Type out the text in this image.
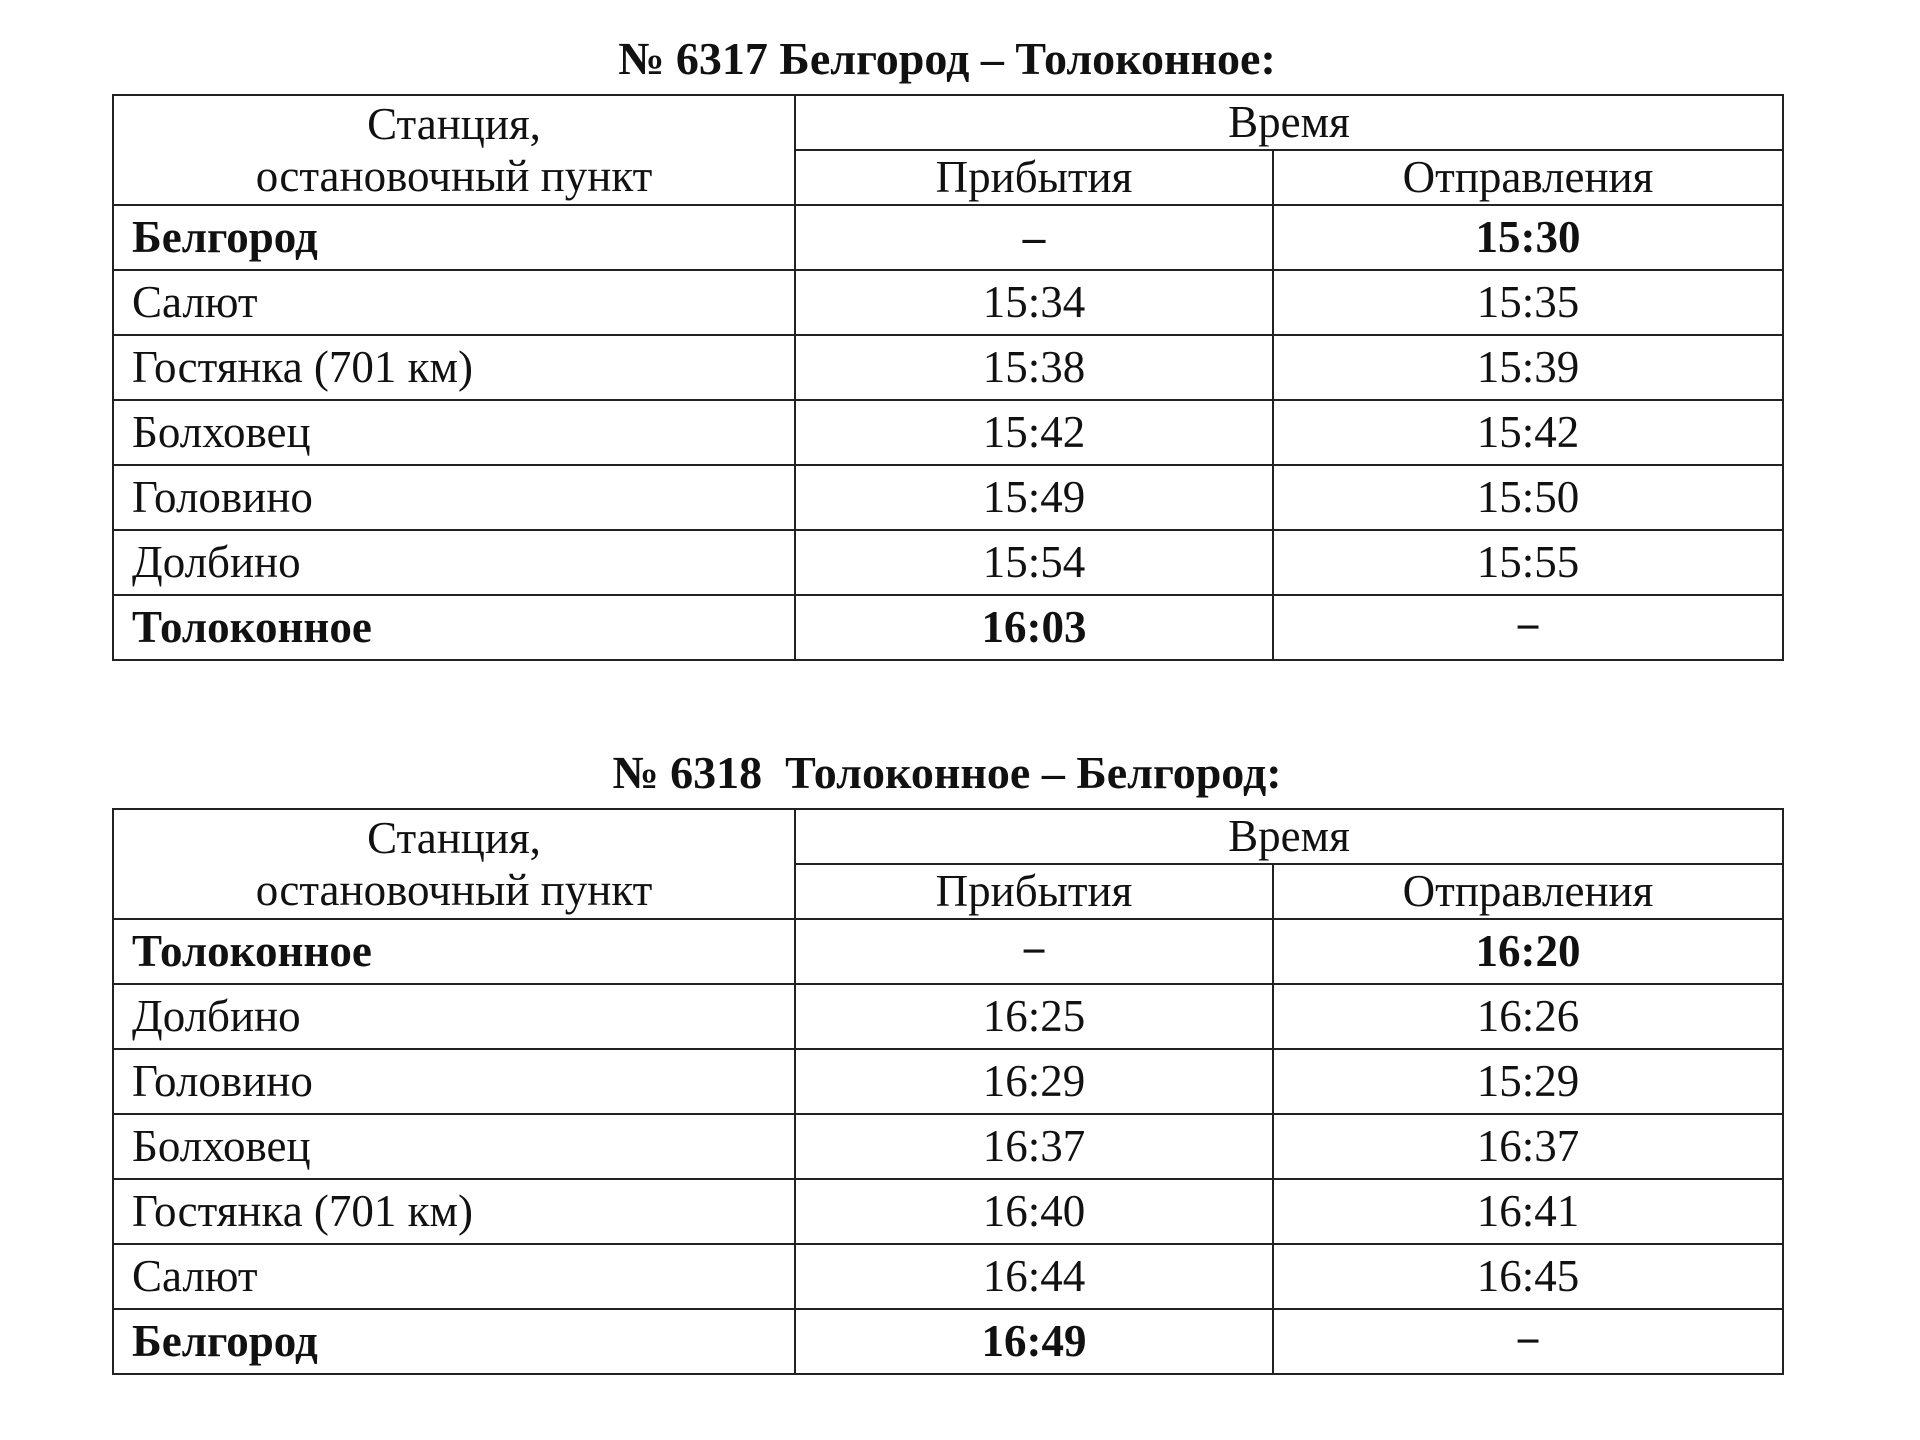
№ 6317 Белгород – Толоконное:
Станция,
остановочный пункт	Время	
	Прибытия	Отправления
Белгород	–	15:30
Салют	15:34	15:35
Гостянка (701 км)	15:38	15:39
Болховец	15:42	15:42
Головино	15:49	15:50
Долбино	15:54	15:55
Толоконное	16:03	−
№ 6318  Толоконное – Белгород:
Станция,
остановочный пункт	Время	
	Прибытия	Отправления
Толоконное	−	16:20
Долбино	16:25	16:26
Головино	16:29	15:29
Болховец	16:37	16:37
Гостянка (701 км)	16:40	16:41
Салют	16:44	16:45
Белгород	16:49	−
